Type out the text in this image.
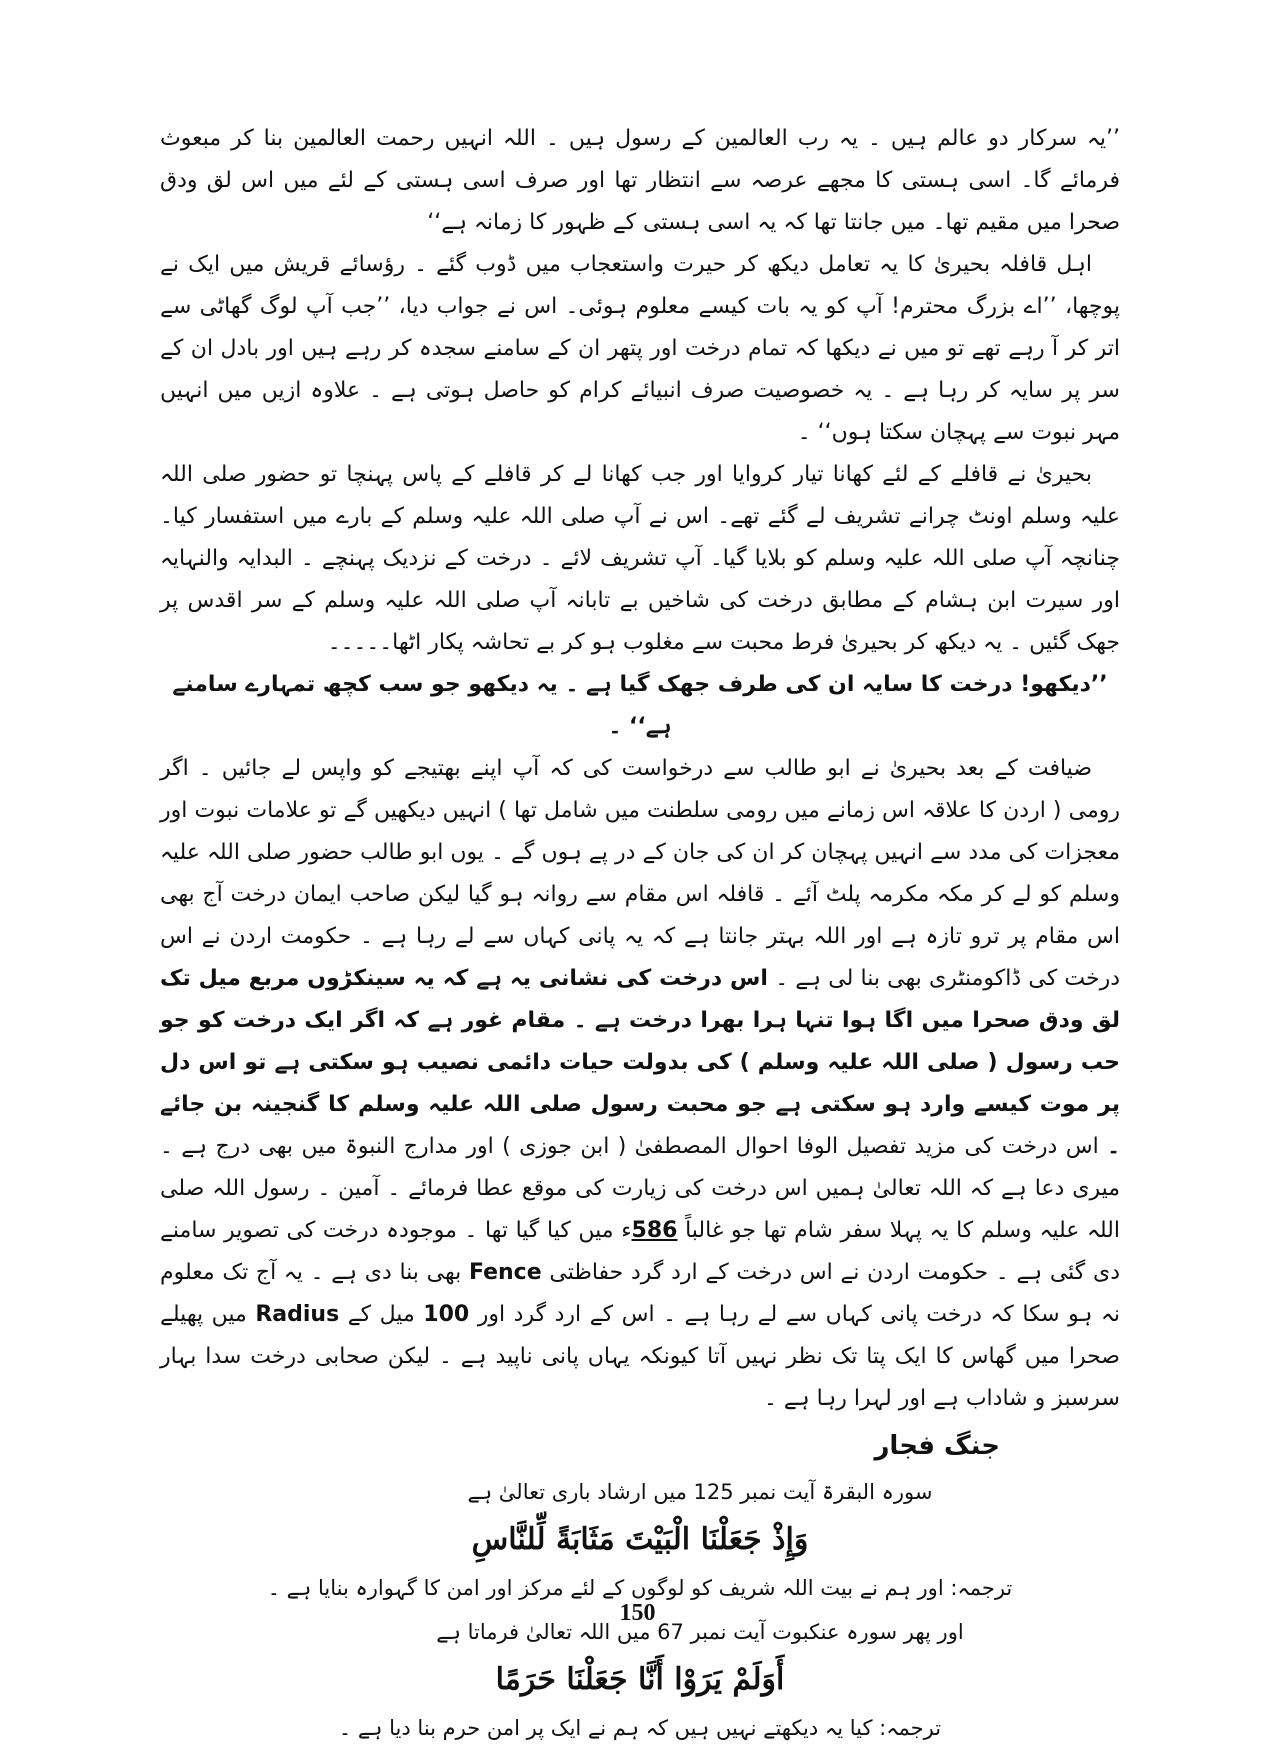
’’یہ سرکار دو عالم ہیں ۔ یہ رب العالمین کے رسول ہیں ۔ اللہ انہیں رحمت العالمین بنا کر مبعوث فرمائے گا۔ اسی ہستی کا مجھے عرصہ سے انتظار تھا اور صرف اسی ہستی کے لئے میں اس لق ودق صحرا میں مقیم تھا۔ میں جانتا تھا کہ یہ اسی ہستی کے ظہور کا زمانہ ہے‘‘

اہل قافلہ بحیریٰ کا یہ تعامل دیکھ کر حیرت واستعجاب میں ڈوب گئے ۔ رؤسائے قریش میں ایک نے پوچھا، ’’اے بزرگ محترم! آپ کو یہ بات کیسے معلوم ہوئی۔ اس نے جواب دیا، ’’جب آپ لوگ گھاٹی سے اتر کر آ رہے تھے تو میں نے دیکھا کہ تمام درخت اور پتھر ان کے سامنے سجدہ کر رہے ہیں اور بادل ان کے سر پر سایہ کر رہا ہے ۔ یہ خصوصیت صرف انبیائے کرام کو حاصل ہوتی ہے ۔ علاوہ ازیں میں انہیں مہر نبوت سے پہچان سکتا ہوں‘‘ ۔

بحیریٰ نے قافلے کے لئے کھانا تیار کروایا اور جب کھانا لے کر قافلے کے پاس پہنچا تو حضور صلی اللہ علیہ وسلم اونٹ چرانے تشریف لے گئے تھے۔ اس نے آپ صلی اللہ علیہ وسلم کے بارے میں استفسار کیا۔ چنانچہ آپ صلی اللہ علیہ وسلم کو بلایا گیا۔ آپ تشریف لائے ۔ درخت کے نزدیک پہنچے ۔ البدایہ والنہایہ اور سیرت ابن ہشام کے مطابق درخت کی شاخیں بے تابانہ آپ صلی اللہ علیہ وسلم کے سر اقدس پر جھک گئیں ۔ یہ دیکھ کر بحیریٰ فرط محبت سے مغلوب ہو کر بے تحاشہ پکار اٹھا۔۔۔۔۔

’’دیکھو! درخت کا سایہ ان کی طرف جھک گیا ہے ۔ یہ دیکھو جو سب کچھ تمہارے سامنے ہے‘‘ ۔

ضیافت کے بعد بحیریٰ نے ابو طالب سے درخواست کی کہ آپ اپنے بھتیجے کو واپس لے جائیں ۔ اگر رومی ( اردن کا علاقہ اس زمانے میں رومی سلطنت میں شامل تھا ) انہیں دیکھیں گے تو علامات نبوت اور معجزات کی مدد سے انہیں پہچان کر ان کی جان کے در پے ہوں گے ۔ یوں ابو طالب حضور صلی اللہ علیہ وسلم کو لے کر مکہ مکرمہ پلٹ آئے ۔ قافلہ اس مقام سے روانہ ہو گیا لیکن صاحب ایمان درخت آج بھی اس مقام پر ترو تازہ ہے اور اللہ بہتر جانتا ہے کہ یہ پانی کہاں سے لے رہا ہے ۔ حکومت اردن نے اس درخت کی ڈاکومنٹری بھی بنا لی ہے ۔ اس درخت کی نشانی یہ ہے کہ یہ سینکڑوں مربع میل تک لق ودق صحرا میں اگا ہوا تنہا ہرا بھرا درخت ہے ۔ مقام غور ہے کہ اگر ایک درخت کو جو حب رسول ( صلی اللہ علیہ وسلم ) کی بدولت حیات دائمی نصیب ہو سکتی ہے تو اس دل پر موت کیسے وارد ہو سکتی ہے جو محبت رسول صلی اللہ علیہ وسلم کا گنجینہ بن جائے ۔ اس درخت کی مزید تفصیل الوفا احوال المصطفیٰ ( ابن جوزی ) اور مدارج النبوۃ میں بھی درج ہے ۔ میری دعا ہے کہ اللہ تعالیٰ ہمیں اس درخت کی زیارت کی موقع عطا فرمائے ۔ آمین ۔ رسول اللہ صلی اللہ علیہ وسلم کا یہ پہلا سفر شام تھا جو غالباً 586ء میں کیا گیا تھا ۔ موجودہ درخت کی تصویر سامنے دی گئی ہے ۔ حکومت اردن نے اس درخت کے ارد گرد حفاظتی Fence بھی بنا دی ہے ۔ یہ آج تک معلوم نہ ہو سکا کہ درخت پانی کہاں سے لے رہا ہے ۔ اس کے ارد گرد اور 100 میل کے Radius میں پھیلے صحرا میں گھاس کا ایک پتا تک نظر نہیں آتا کیونکہ یہاں پانی ناپید ہے ۔ لیکن صحابی درخت سدا بہار سرسبز و شاداب ہے اور لہرا رہا ہے ۔

جنگ فجار

سورہ البقرۃ آیت نمبر 125 میں ارشاد باری تعالیٰ ہے

وَإِذْ جَعَلْنَا الْبَيْتَ مَثَابَةً لِّلنَّاسِ

ترجمہ: اور ہم نے بیت اللہ شریف کو لوگوں کے لئے مرکز اور امن کا گہوارہ بنایا ہے ۔

اور پھر سورہ عنکبوت آیت نمبر 67 میں اللہ تعالیٰ فرماتا ہے

أَوَلَمْ يَرَوْا أَنَّا جَعَلْنَا حَرَمًا

ترجمہ: کیا یہ دیکھتے نہیں ہیں کہ ہم نے ایک پر امن حرم بنا دیا ہے ۔

150
